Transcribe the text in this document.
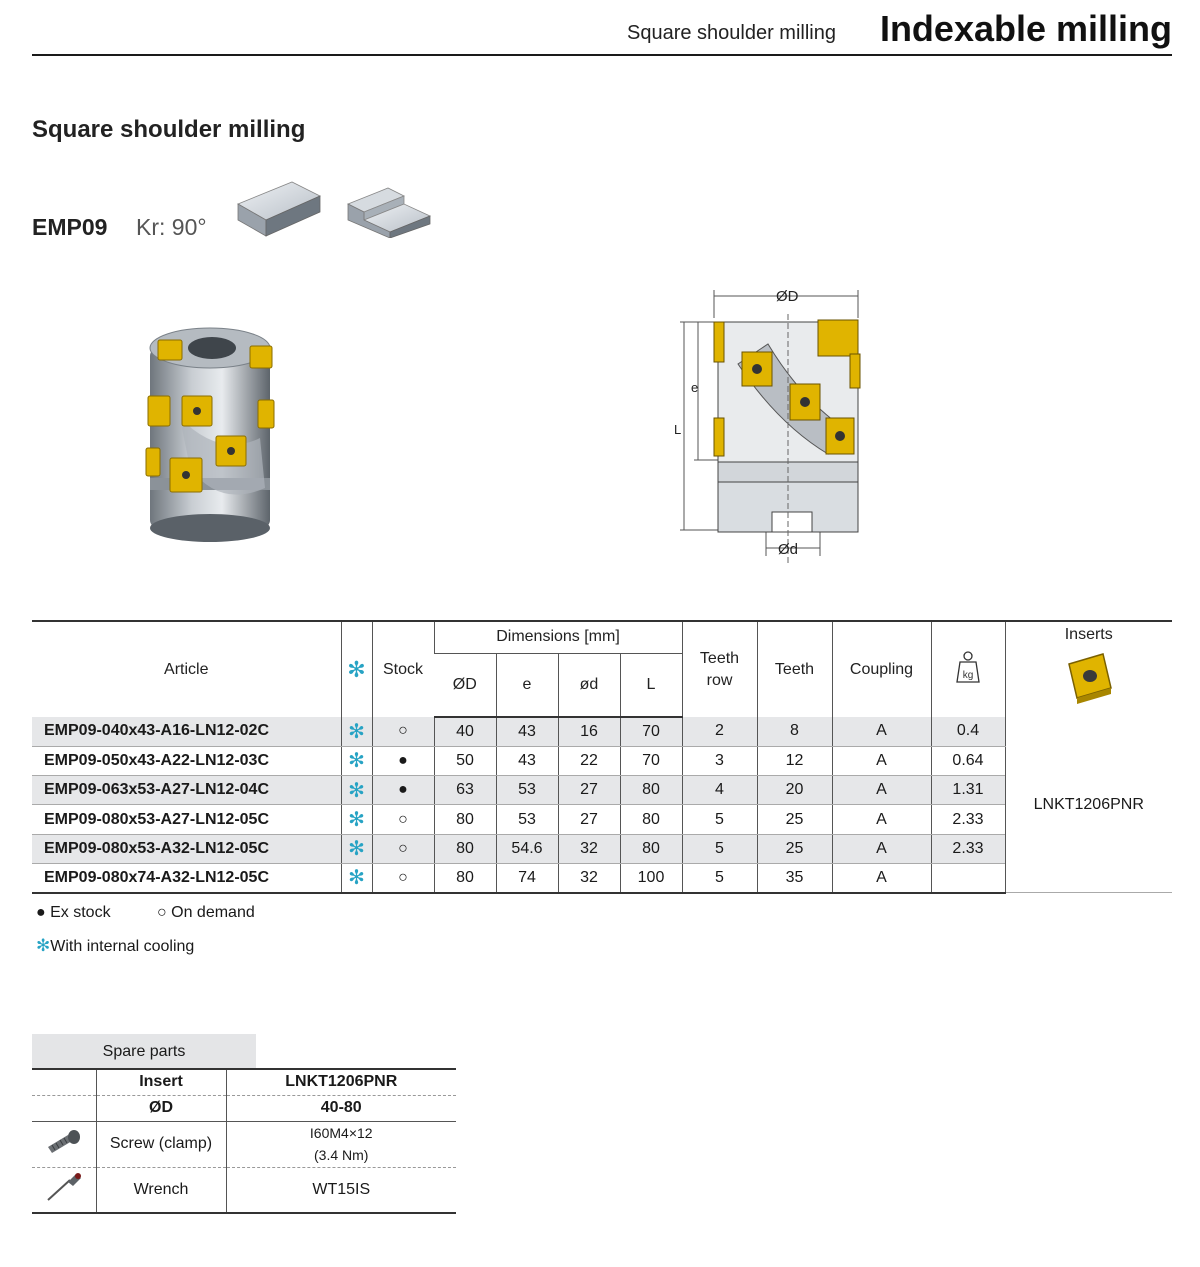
Square shoulder milling Indexable milling
Square shoulder milling
EMP09 Kr: 90°
ØD
Ød
e
L
Article	✻	Stock	Dimensions [mm]				Teeth row	Teeth	Coupling	kg	Inserts

			ØD	e	ød	L					
EMP09-040x43-A16-LN12-02C	✻	○	40	43	16	70	2	8	A	0.4	LNKT1206PNR
EMP09-050x43-A22-LN12-03C	✻	●	50	43	22	70	3	12	A	0.64	
EMP09-063x53-A27-LN12-04C	✻	●	63	53	27	80	4	20	A	1.31	
EMP09-080x53-A27-LN12-05C	✻	○	80	53	27	80	5	25	A	2.33	
EMP09-080x53-A32-LN12-05C	✻	○	80	54.6	32	80	5	25	A	2.33	
EMP09-080x74-A32-LN12-05C	✻	○	80	74	32	100	5	35	A		
● Ex stock	○ On demand
✻With internal cooling
Spare parts
	Insert	LNKT1206PNR
	ØD	40-80
	Screw (clamp)	I60M4×12
(3.4 Nm)

	Wrench	WT15IS
